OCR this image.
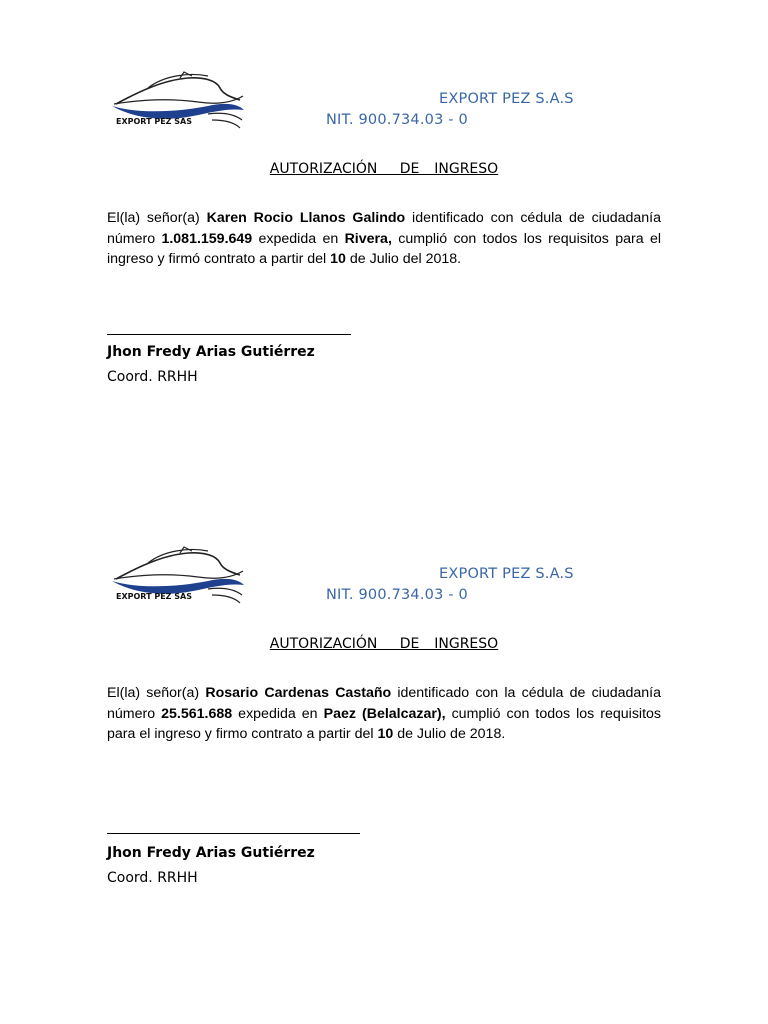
EXPORT PEZ SAS
EXPORT PEZ S.A.S
NIT. 900.734.03 - 0
AUTORIZACIÓN   DE  INGRESO
El(la) señor(a) Karen Rocio Llanos Galindo identificado con cédula de ciudadanía número 1.081.159.649 expedida en Rivera, cumplió con todos los requisitos para el ingreso y firmó contrato a partir del 10 de Julio del 2018.
Jhon Fredy Arias Gutiérrez
Coord. RRHH
EXPORT PEZ SAS
EXPORT PEZ S.A.S
NIT. 900.734.03 - 0
AUTORIZACIÓN   DE  INGRESO
El(la) señor(a) Rosario Cardenas Castaño identificado con la cédula de ciudadanía número 25.561.688 expedida en Paez (Belalcazar), cumplió con todos los requisitos para el ingreso y firmo contrato a partir del 10 de Julio de 2018.
Jhon Fredy Arias Gutiérrez
Coord. RRHH
